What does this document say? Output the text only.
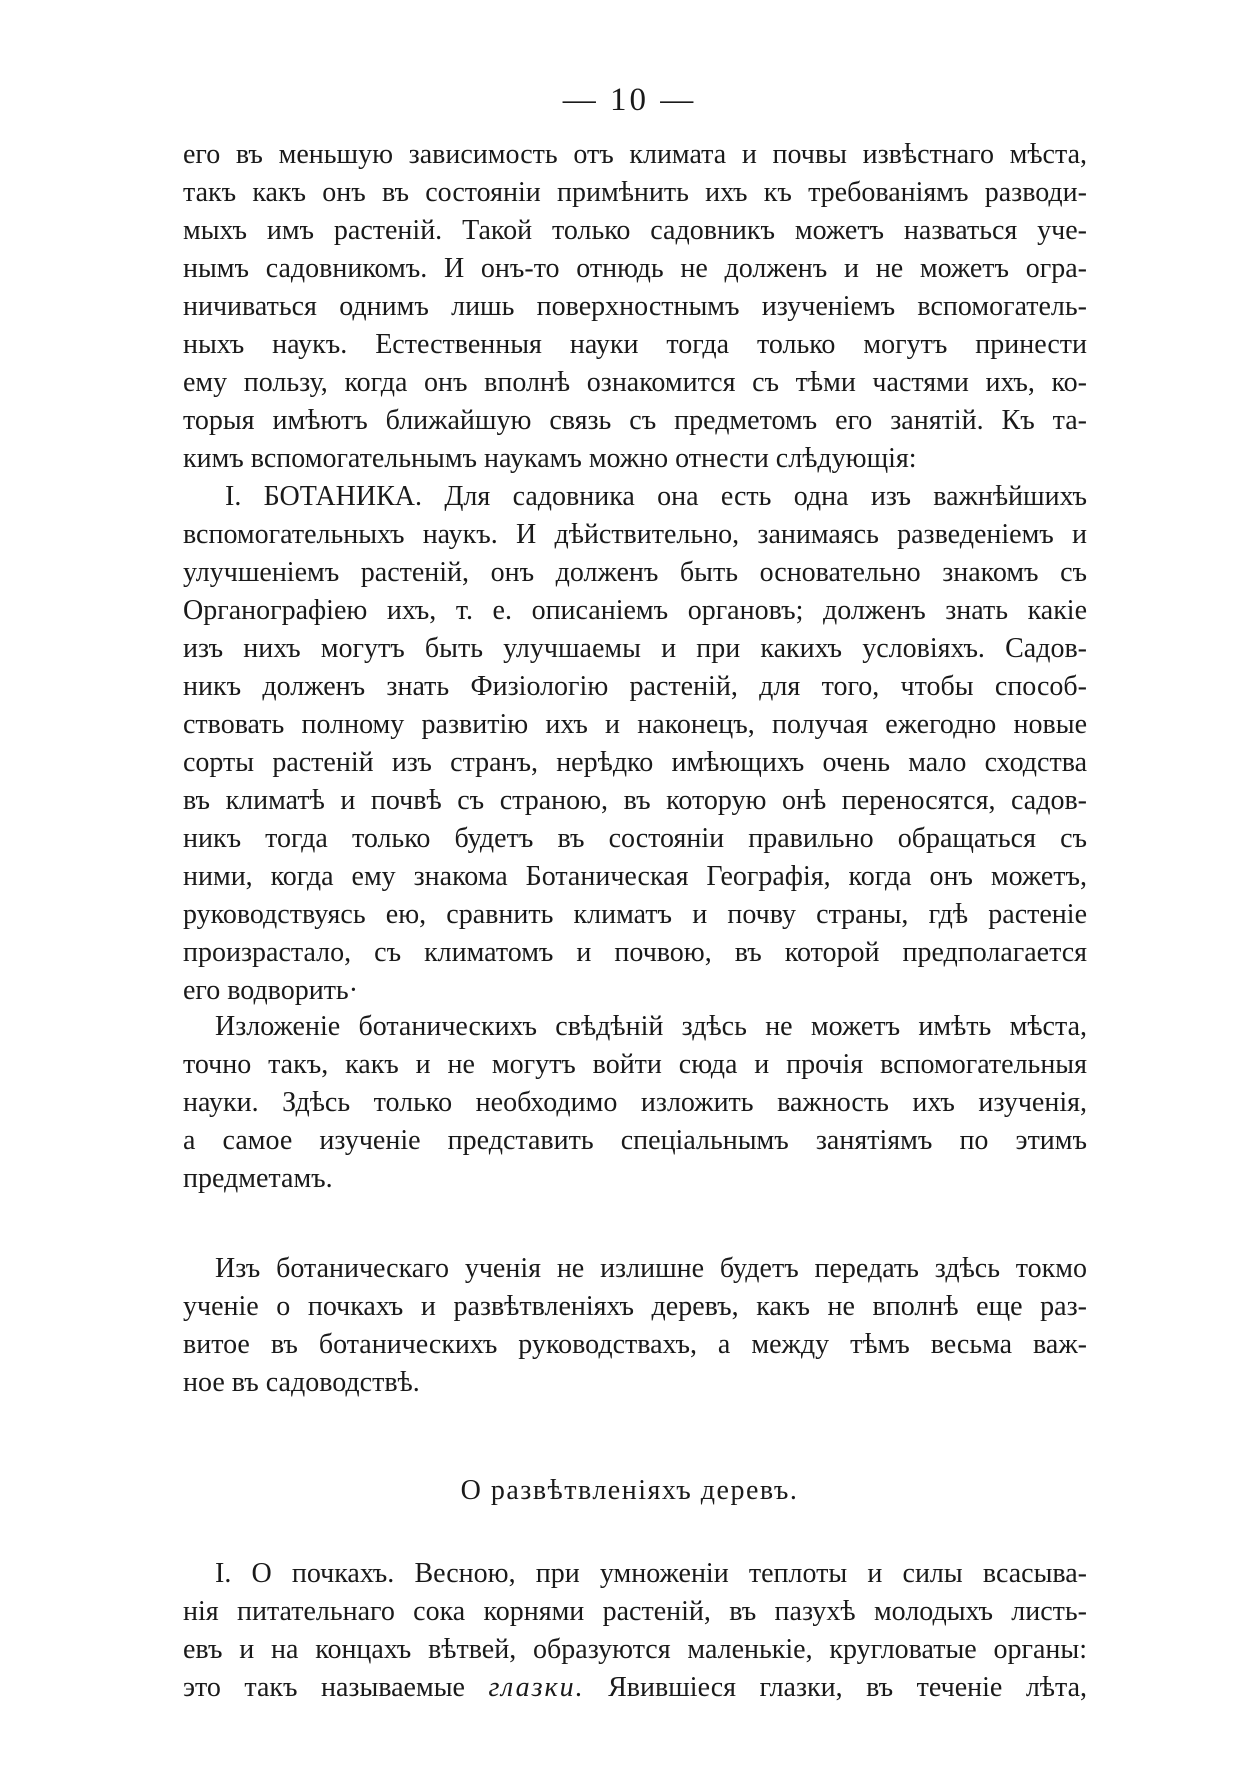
— 10 —
его въ меньшую зависимость отъ климата и почвы извѣстнаго мѣста,
такъ какъ онъ въ состояніи примѣнить ихъ къ требованіямъ разводи-
мыхъ имъ растеній. Такой только садовникъ можетъ назваться уче-
нымъ садовникомъ. И онъ-то отнюдь не долженъ и не можетъ огра-
ничиваться однимъ лишь поверхностнымъ изученіемъ вспомогатель-
ныхъ наукъ. Естественныя науки тогда только могутъ принести
ему пользу, когда онъ вполнѣ ознакомится съ тѣми частями ихъ, ко-
торыя имѣютъ ближайшую связь съ предметомъ его занятій. Къ та-
кимъ вспомогательнымъ наукамъ можно отнести слѣдующія:
I. БОТАНИКА. Для садовника она есть одна изъ важнѣйшихъ
вспомогательныхъ наукъ. И дѣйствительно, занимаясь разведеніемъ и
улучшеніемъ растеній, онъ долженъ быть основательно знакомъ съ
Органографіею ихъ, т. е. описаніемъ органовъ; долженъ знать какіе
изъ нихъ могутъ быть улучшаемы и при какихъ условіяхъ. Садов-
никъ долженъ знать Физіологію растеній, для того, чтобы способ-
ствовать полному развитію ихъ и наконецъ, получая ежегодно новые
сорты растеній изъ странъ, нерѣдко имѣющихъ очень мало сходства
въ климатѣ и почвѣ съ страною, въ которую онѣ переносятся, садов-
никъ тогда только будетъ въ состояніи правильно обращаться съ
ними, когда ему знакома Ботаническая Географія, когда онъ можетъ,
руководствуясь ею, сравнить климатъ и почву страны, гдѣ растеніе
произрастало, съ климатомъ и почвою, въ которой предполагается
его водворить·
Изложеніе ботаническихъ свѣдѣній здѣсь не можетъ имѣть мѣста,
точно такъ, какъ и не могутъ войти сюда и прочія вспомогательныя
науки. Здѣсь только необходимо изложить важность ихъ изученія,
а самое изученіе представить спеціальнымъ занятіямъ по этимъ
предметамъ.
Изъ ботаническаго ученія не излишне будетъ передать здѣсь токмо
ученіе о почкахъ и развѣтвленіяхъ деревъ, какъ не вполнѣ еще раз-
витое въ ботаническихъ руководствахъ, а между тѣмъ весьма важ-
ное въ садоводствѣ.
О развѣтвленіяхъ деревъ.
I. О почкахъ. Весною, при умноженіи теплоты и силы всасыва-
нія питательнаго сока корнями растеній, въ пазухѣ молодыхъ листь-
евъ и на концахъ вѣтвей, образуются маленькіе, кругловатые органы:
это такъ называемые глазки. Явившіеся глазки, въ теченіе лѣта,
